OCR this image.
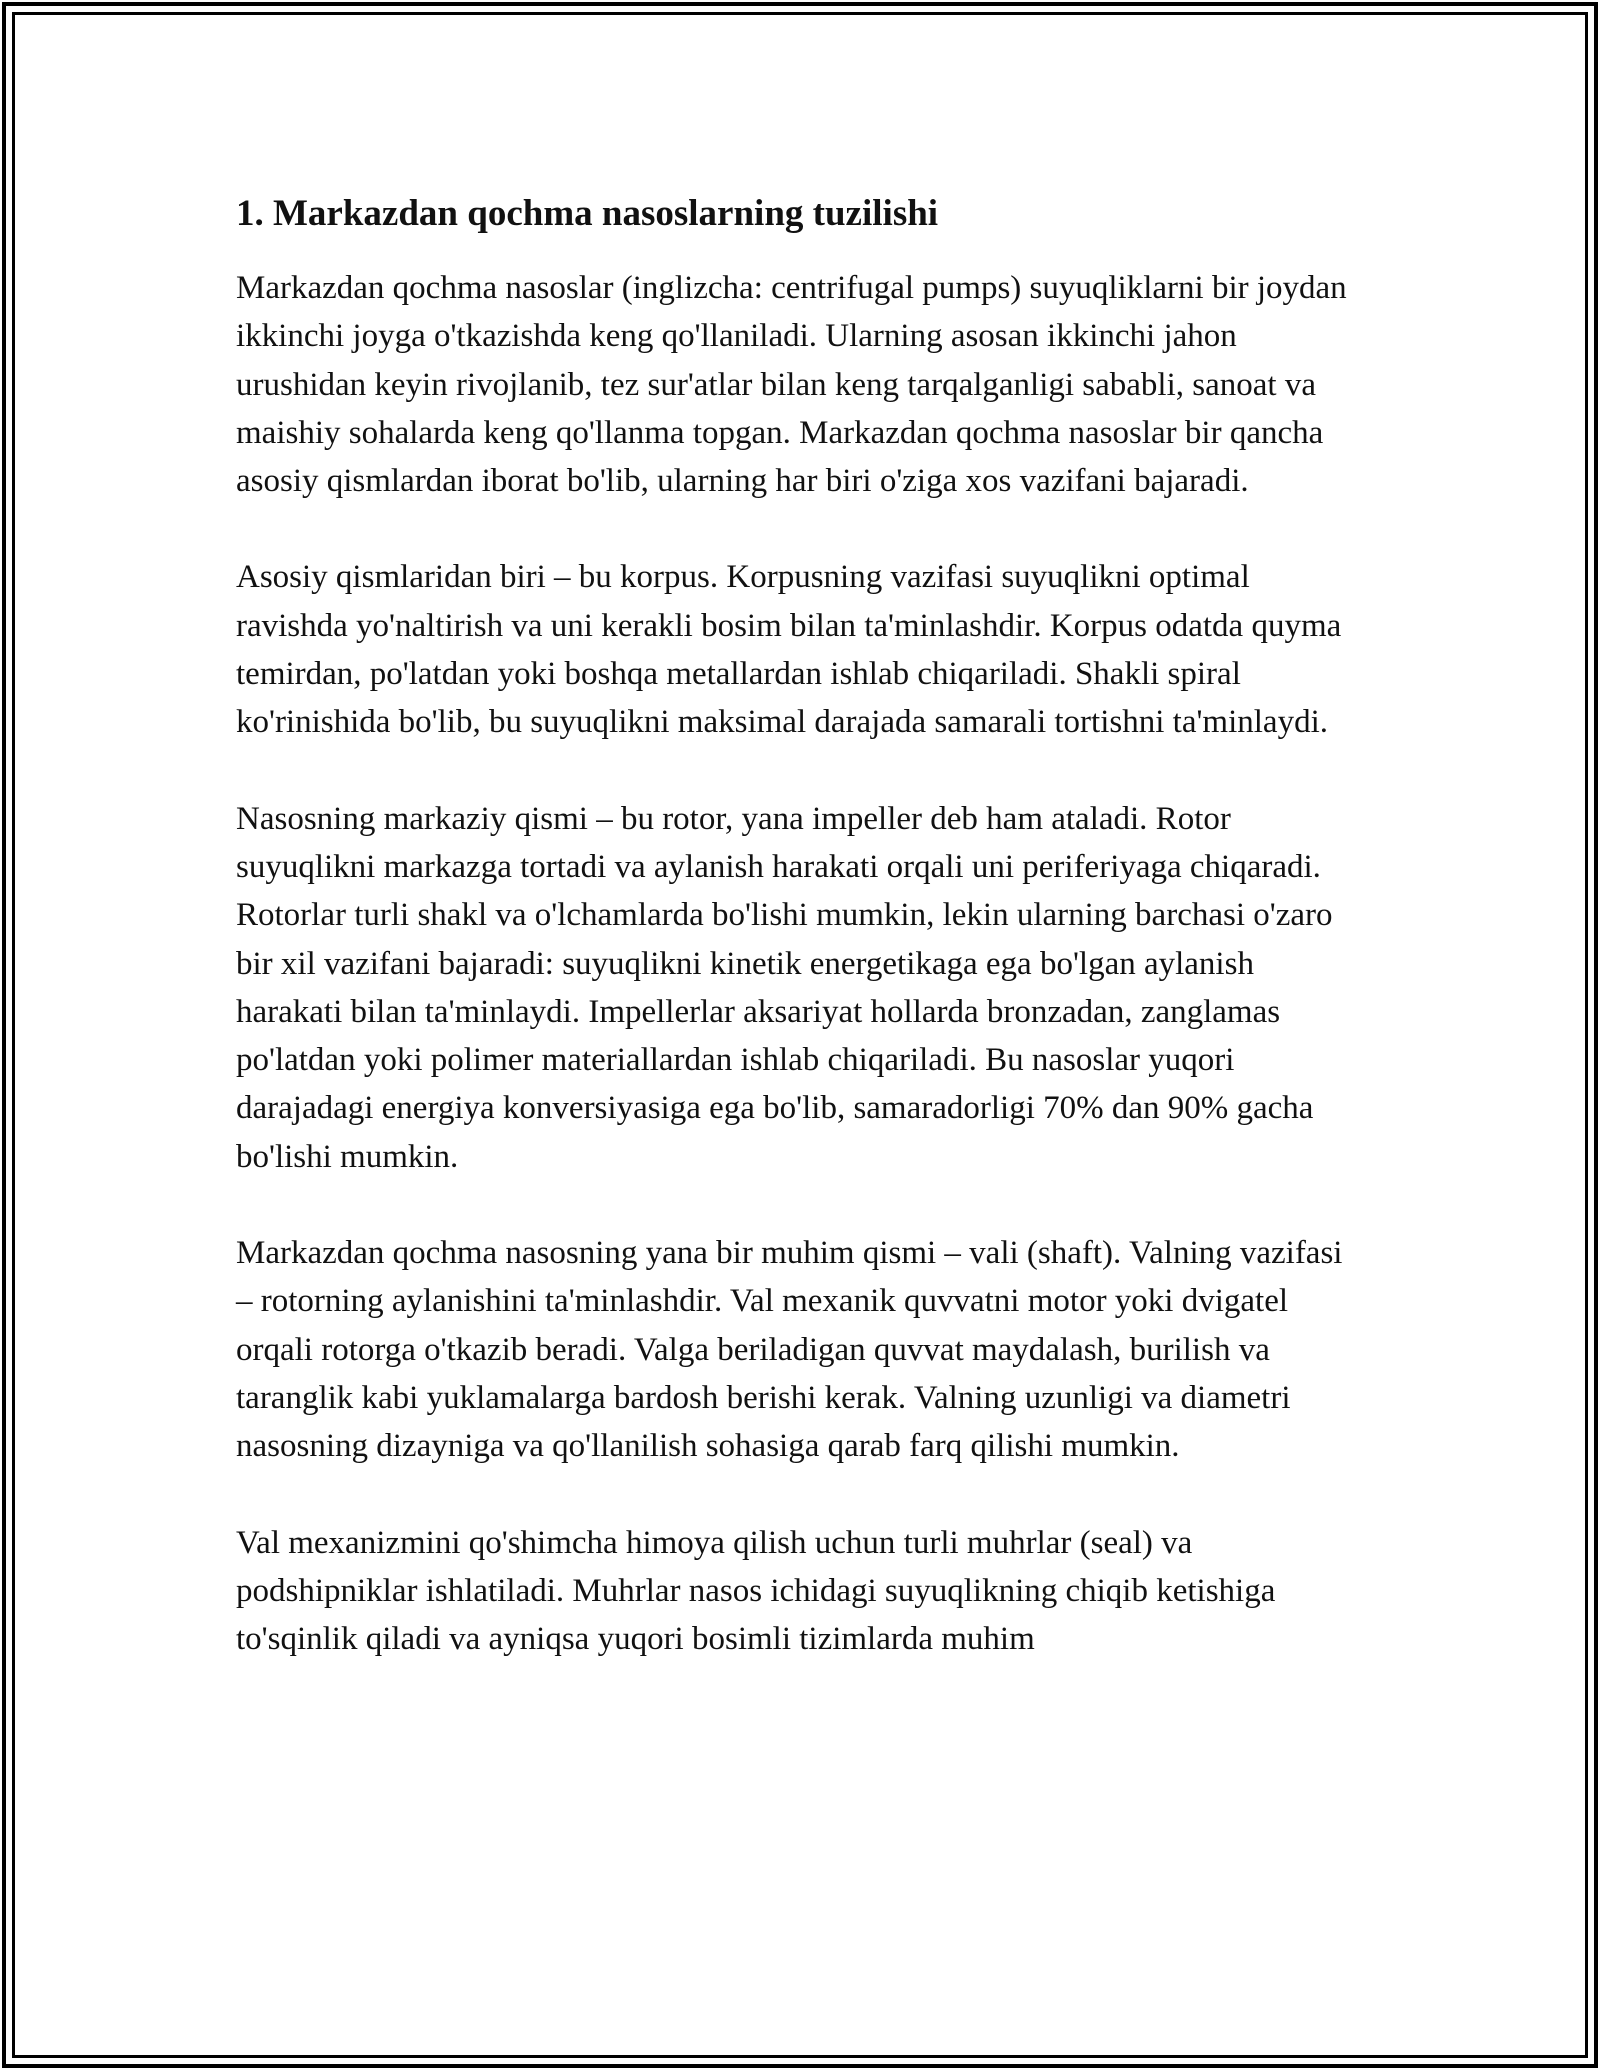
1. Markazdan qochma nasoslarning tuzilishi

Markazdan qochma nasoslar (inglizcha: centrifugal pumps) suyuqliklarni bir joydan ikkinchi joyga o'tkazishda keng qo'llaniladi. Ularning asosan ikkinchi jahon urushidan keyin rivojlanib, tez sur'atlar bilan keng tarqalganligi sababli, sanoat va maishiy sohalarda keng qo'llanma topgan. Markazdan qochma nasoslar bir qancha asosiy qismlardan iborat bo'lib, ularning har biri o'ziga xos vazifani bajaradi.

Asosiy qismlaridan biri – bu korpus. Korpusning vazifasi suyuqlikni optimal ravishda yo'naltirish va uni kerakli bosim bilan ta'minlashdir. Korpus odatda quyma temirdan, po'latdan yoki boshqa metallardan ishlab chiqariladi. Shakli spiral ko'rinishida bo'lib, bu suyuqlikni maksimal darajada samarali tortishni ta'minlaydi.

Nasosning markaziy qismi – bu rotor, yana impeller deb ham ataladi. Rotor suyuqlikni markazga tortadi va aylanish harakati orqali uni periferiyaga chiqaradi. Rotorlar turli shakl va o'lchamlarda bo'lishi mumkin, lekin ularning barchasi o'zaro bir xil vazifani bajaradi: suyuqlikni kinetik energetikaga ega bo'lgan aylanish harakati bilan ta'minlaydi. Impellerlar aksariyat hollarda bronzadan, zanglamas po'latdan yoki polimer materiallardan ishlab chiqariladi. Bu nasoslar yuqori darajadagi energiya konversiyasiga ega bo'lib, samaradorligi 70% dan 90% gacha bo'lishi mumkin.

Markazdan qochma nasosning yana bir muhim qismi – vali (shaft). Valning vazifasi – rotorning aylanishini ta'minlashdir. Val mexanik quvvatni motor yoki dvigatel orqali rotorga o'tkazib beradi. Valga beriladigan quvvat maydalash, burilish va taranglik kabi yuklamalarga bardosh berishi kerak. Valning uzunligi va diametri nasosning dizayniga va qo'llanilish sohasiga qarab farq qilishi mumkin.

Val mexanizmini qo'shimcha himoya qilish uchun turli muhrlar (seal) va podshipniklar ishlatiladi. Muhrlar nasos ichidagi suyuqlikning chiqib ketishiga to'sqinlik qiladi va ayniqsa yuqori bosimli tizimlarda muhim
